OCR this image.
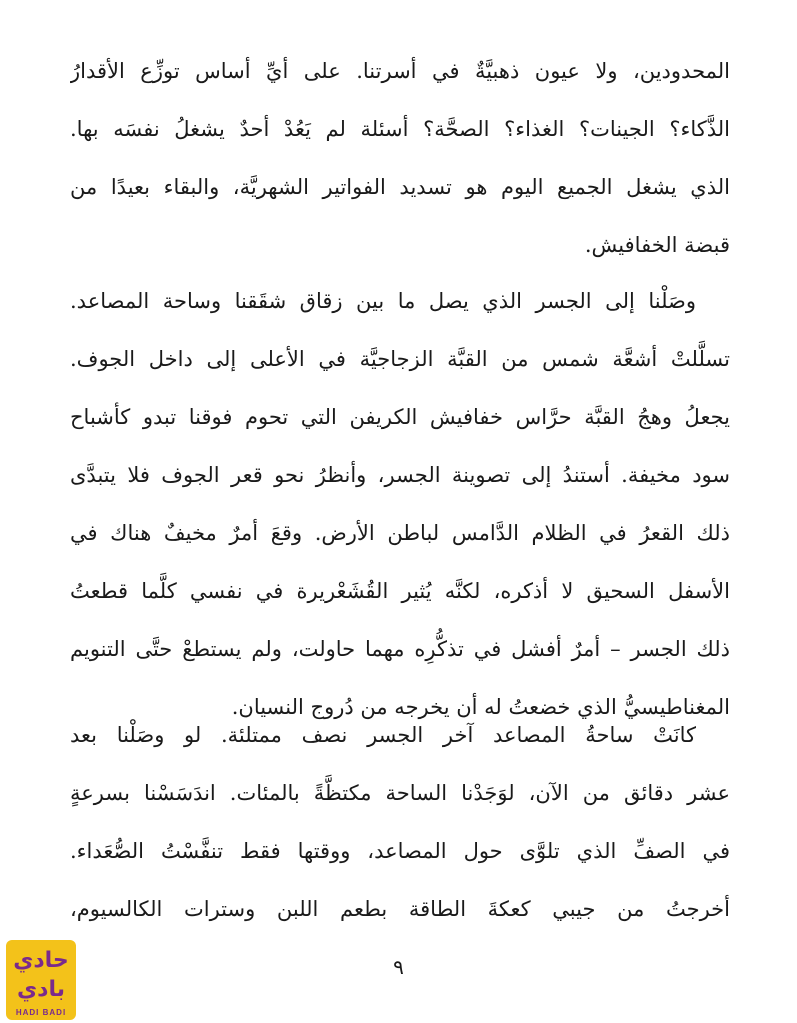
المحدودين، ولا عيون ذهبيَّةٌ في أسرتنا. على أيِّ أساس توزِّع الأقدارُ
الذَّكاء؟ الجينات؟ الغذاء؟ الصحَّة؟ أسئلة لم يَعُدْ أحدٌ يشغلُ نفسَه بها.
الذي يشغل الجميع اليوم هو تسديد الفواتير الشهريَّة، والبقاء بعيدًا من
قبضة الخفافيش.
وصَلْنا إلى الجسر الذي يصل ما بين زقاق شقَقنا وساحة المصاعد.
تسلَّلتْ أشعَّة شمس من القبَّة الزجاجيَّة في الأعلى إلى داخل الجوف.
يجعلُ وهجُ القبَّة حرَّاس خفافيش الكريفن التي تحوم فوقنا تبدو كأشباح
سود مخيفة. أستندُ إلى تصوينة الجسر، وأنظرُ نحو قعر الجوف فلا يتبدَّى
ذلك القعرُ في الظلام الدَّامس لباطن الأرض. وقعَ أمرٌ مخيفٌ هناك في
الأسفل السحيق لا أذكره، لكنَّه يُثير القُشَعْريرة في نفسي كلَّما قطعتُ
ذلك الجسر – أمرٌ أفشل في تذكُّرِه مهما حاولت، ولم يستطعْ حتَّى التنويم
المغناطيسيُّ الذي خضعتُ له أن يخرجه من دُروج النسيان.
كانَتْ ساحةُ المصاعد آخر الجسر نصف ممتلئة. لو وصَلْنا بعد
عشر دقائق من الآن، لوَجَدْنا الساحة مكتظَّةً بالمئات. اندَسَسْنا بسرعةٍ
في الصفِّ الذي تلوَّى حول المصاعد، ووقتها فقط تنفَّسْتُ الصُّعَداء.
أخرجتُ من جيبي كعكةَ الطاقة بطعم اللبن وسترات الكالسيوم،
٩
حادي
بادي
HADI BADI
